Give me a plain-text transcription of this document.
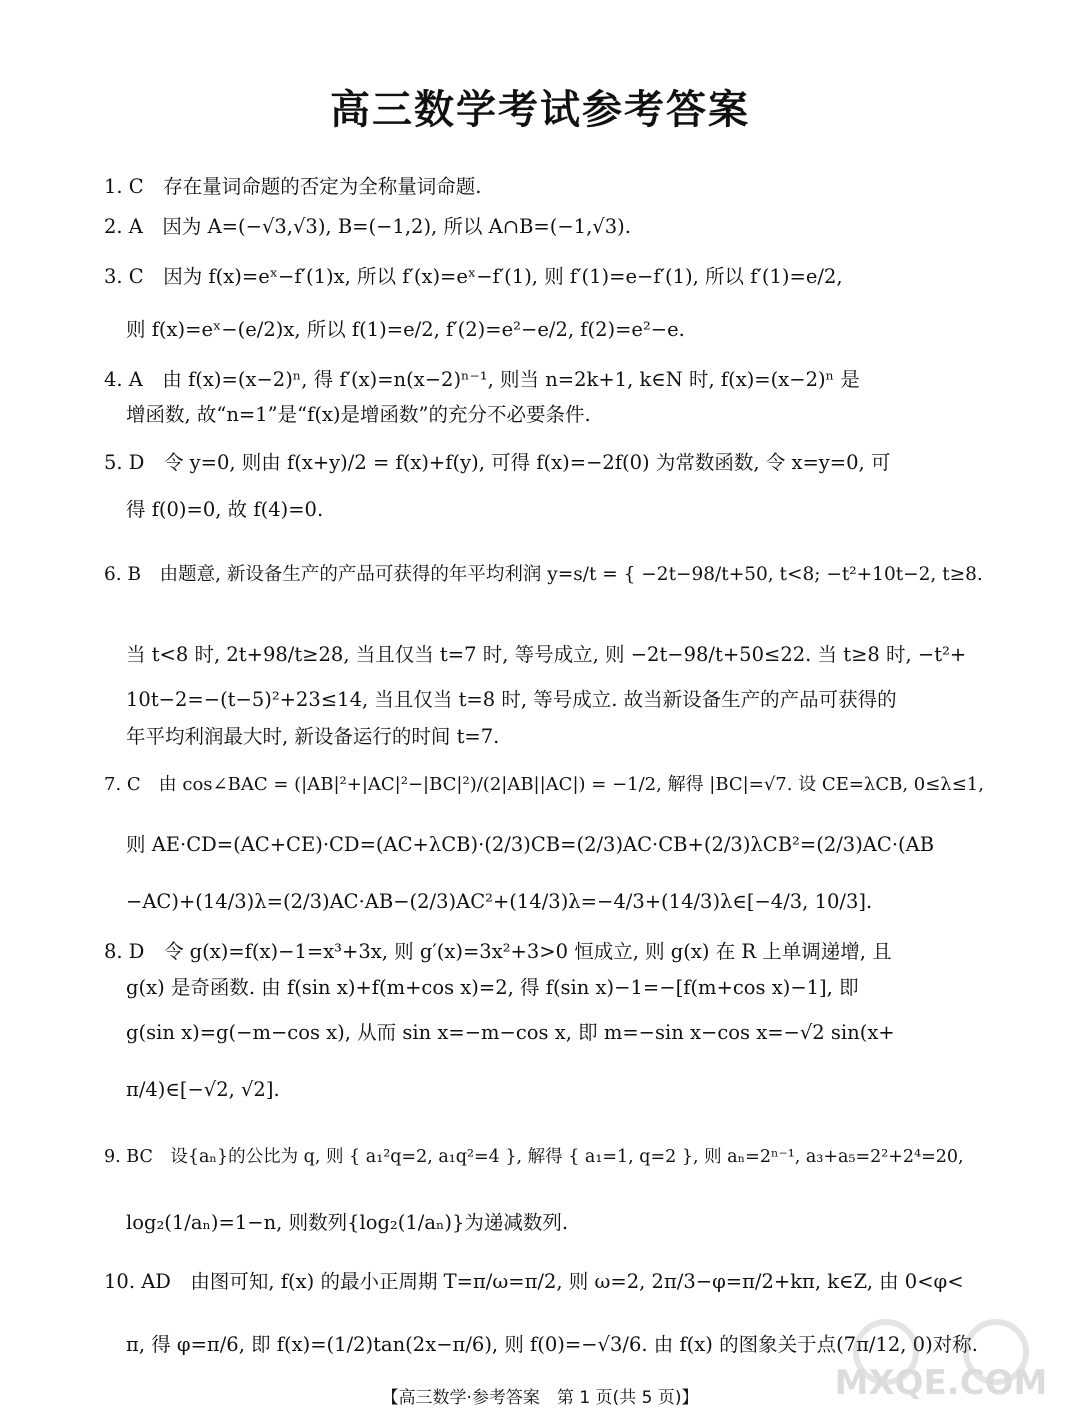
高三数学考试参考答案
1. C　存在量词命题的否定为全称量词命题.
2. A　因为 A=(−√3,√3), B=(−1,2), 所以 A∩B=(−1,√3).
3. C　因为 f(x)=eˣ−f′(1)x, 所以 f′(x)=eˣ−f′(1), 则 f′(1)=e−f′(1), 所以 f′(1)=e/2,
则 f(x)=eˣ−(e/2)x, 所以 f(1)=e/2, f′(2)=e²−e/2, f(2)=e²−e.
4. A　由 f(x)=(x−2)ⁿ, 得 f′(x)=n(x−2)ⁿ⁻¹, 则当 n=2k+1, k∈N 时, f(x)=(x−2)ⁿ 是
增函数, 故“n=1”是“f(x)是增函数”的充分不必要条件.
5. D　令 y=0, 则由 f(x+y)/2 = f(x)+f(y), 可得 f(x)=−2f(0) 为常数函数, 令 x=y=0, 可
得 f(0)=0, 故 f(4)=0.
6. B　由题意, 新设备生产的产品可获得的年平均利润 y=s/t = { −2t−98/t+50, t<8; −t²+10t−2, t≥8.
当 t<8 时, 2t+98/t≥28, 当且仅当 t=7 时, 等号成立, 则 −2t−98/t+50≤22. 当 t≥8 时, −t²+
10t−2=−(t−5)²+23≤14, 当且仅当 t=8 时, 等号成立. 故当新设备生产的产品可获得的
年平均利润最大时, 新设备运行的时间 t=7.
7. C　由 cos∠BAC = (|AB|²+|AC|²−|BC|²)/(2|AB||AC|) = −1/2, 解得 |BC|=√7. 设 CE=λCB, 0≤λ≤1,
则 AE·CD=(AC+CE)·CD=(AC+λCB)·(2/3)CB=(2/3)AC·CB+(2/3)λCB²=(2/3)AC·(AB
−AC)+(14/3)λ=(2/3)AC·AB−(2/3)AC²+(14/3)λ=−4/3+(14/3)λ∈[−4/3, 10/3].
8. D　令 g(x)=f(x)−1=x³+3x, 则 g′(x)=3x²+3>0 恒成立, 则 g(x) 在 R 上单调递增, 且
g(x) 是奇函数. 由 f(sin x)+f(m+cos x)=2, 得 f(sin x)−1=−[f(m+cos x)−1], 即
g(sin x)=g(−m−cos x), 从而 sin x=−m−cos x, 即 m=−sin x−cos x=−√2 sin(x+
π/4)∈[−√2, √2].
9. BC　设{aₙ}的公比为 q, 则 { a₁²q=2, a₁q²=4 }, 解得 { a₁=1, q=2 }, 则 aₙ=2ⁿ⁻¹, a₃+a₅=2²+2⁴=20,
log₂(1/aₙ)=1−n, 则数列{log₂(1/aₙ)}为递减数列.
10. AD　由图可知, f(x) 的最小正周期 T=π/ω=π/2, 则 ω=2, 2π/3−φ=π/2+kπ, k∈Z, 由 0<φ<
π, 得 φ=π/6, 即 f(x)=(1/2)tan(2x−π/6), 则 f(0)=−√3/6. 由 f(x) 的图象关于点(7π/12, 0)对称.
【高三数学·参考答案　第 1 页(共 5 页)】	MXQE.COM
